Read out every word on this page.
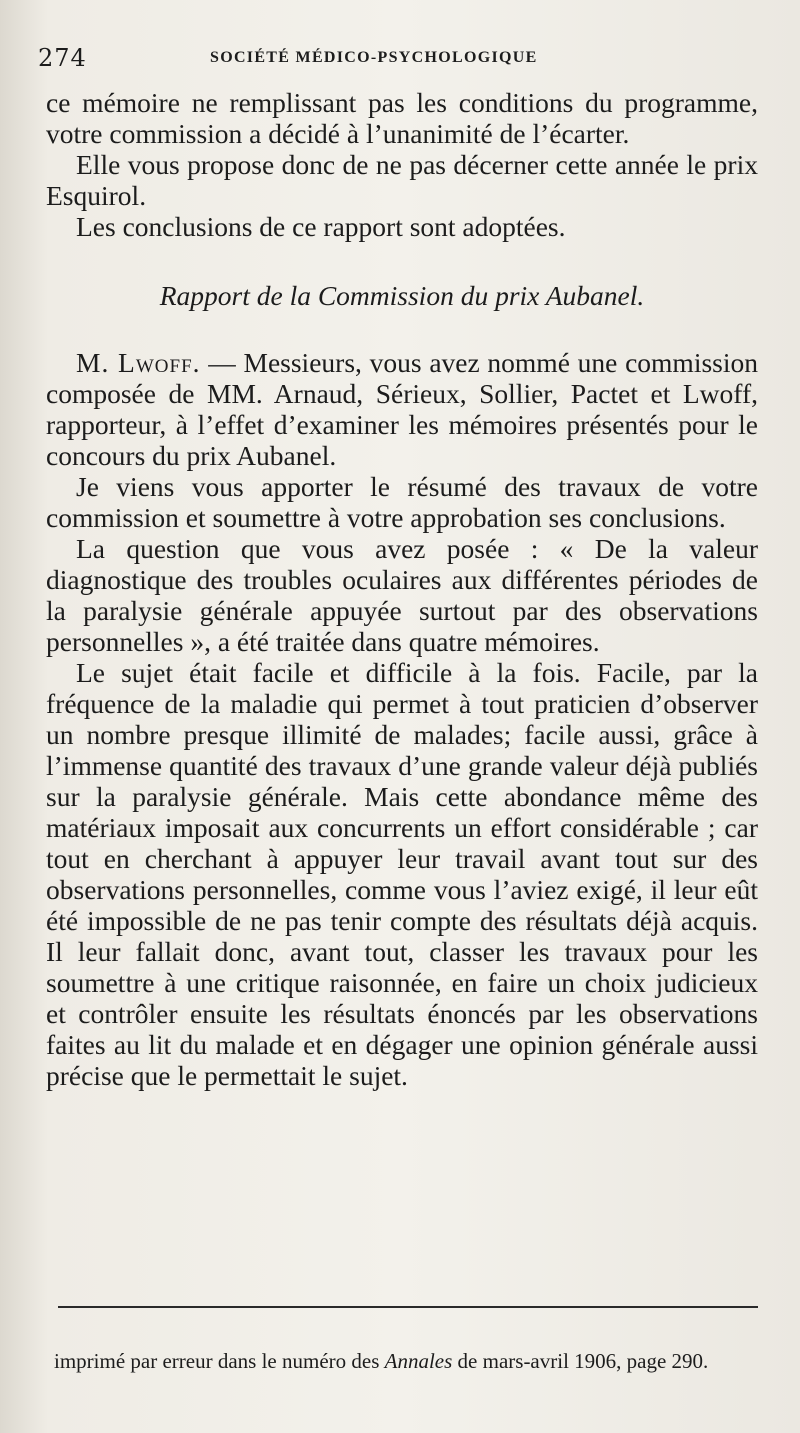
274	SOCIÉTÉ MÉDICO-PSYCHOLOGIQUE

ce mémoire ne remplissant pas les conditions du programme, votre commission a décidé à l’unanimité de l’écarter.

Elle vous propose donc de ne pas décerner cette année le prix Esquirol.

Les conclusions de ce rapport sont adoptées.

Rapport de la Commission du prix Aubanel.

M. Lwoff. — Messieurs, vous avez nommé une commission composée de MM. Arnaud, Sérieux, Sollier, Pactet et Lwoff, rapporteur, à l’effet d’examiner les mémoires présentés pour le concours du prix Aubanel.

Je viens vous apporter le résumé des travaux de votre commission et soumettre à votre approbation ses conclusions.

La question que vous avez posée : « De la valeur diagnostique des troubles oculaires aux différentes périodes de la paralysie générale appuyée surtout par des observations personnelles », a été traitée dans quatre mémoires.

Le sujet était facile et difficile à la fois. Facile, par la fréquence de la maladie qui permet à tout praticien d’observer un nombre presque illimité de malades; facile aussi, grâce à l’immense quantité des travaux d’une grande valeur déjà publiés sur la paralysie générale. Mais cette abondance même des matériaux imposait aux concurrents un effort considérable ; car tout en cherchant à appuyer leur travail avant tout sur des observations personnelles, comme vous l’aviez exigé, il leur eût été impossible de ne pas tenir compte des résultats déjà acquis. Il leur fallait donc, avant tout, classer les travaux pour les soumettre à une critique raisonnée, en faire un choix judicieux et contrôler ensuite les résultats énoncés par les observations faites au lit du malade et en dégager une opinion générale aussi précise que le permettait le sujet.

imprimé par erreur dans le numéro des Annales de mars-avril 1906, page 290.
